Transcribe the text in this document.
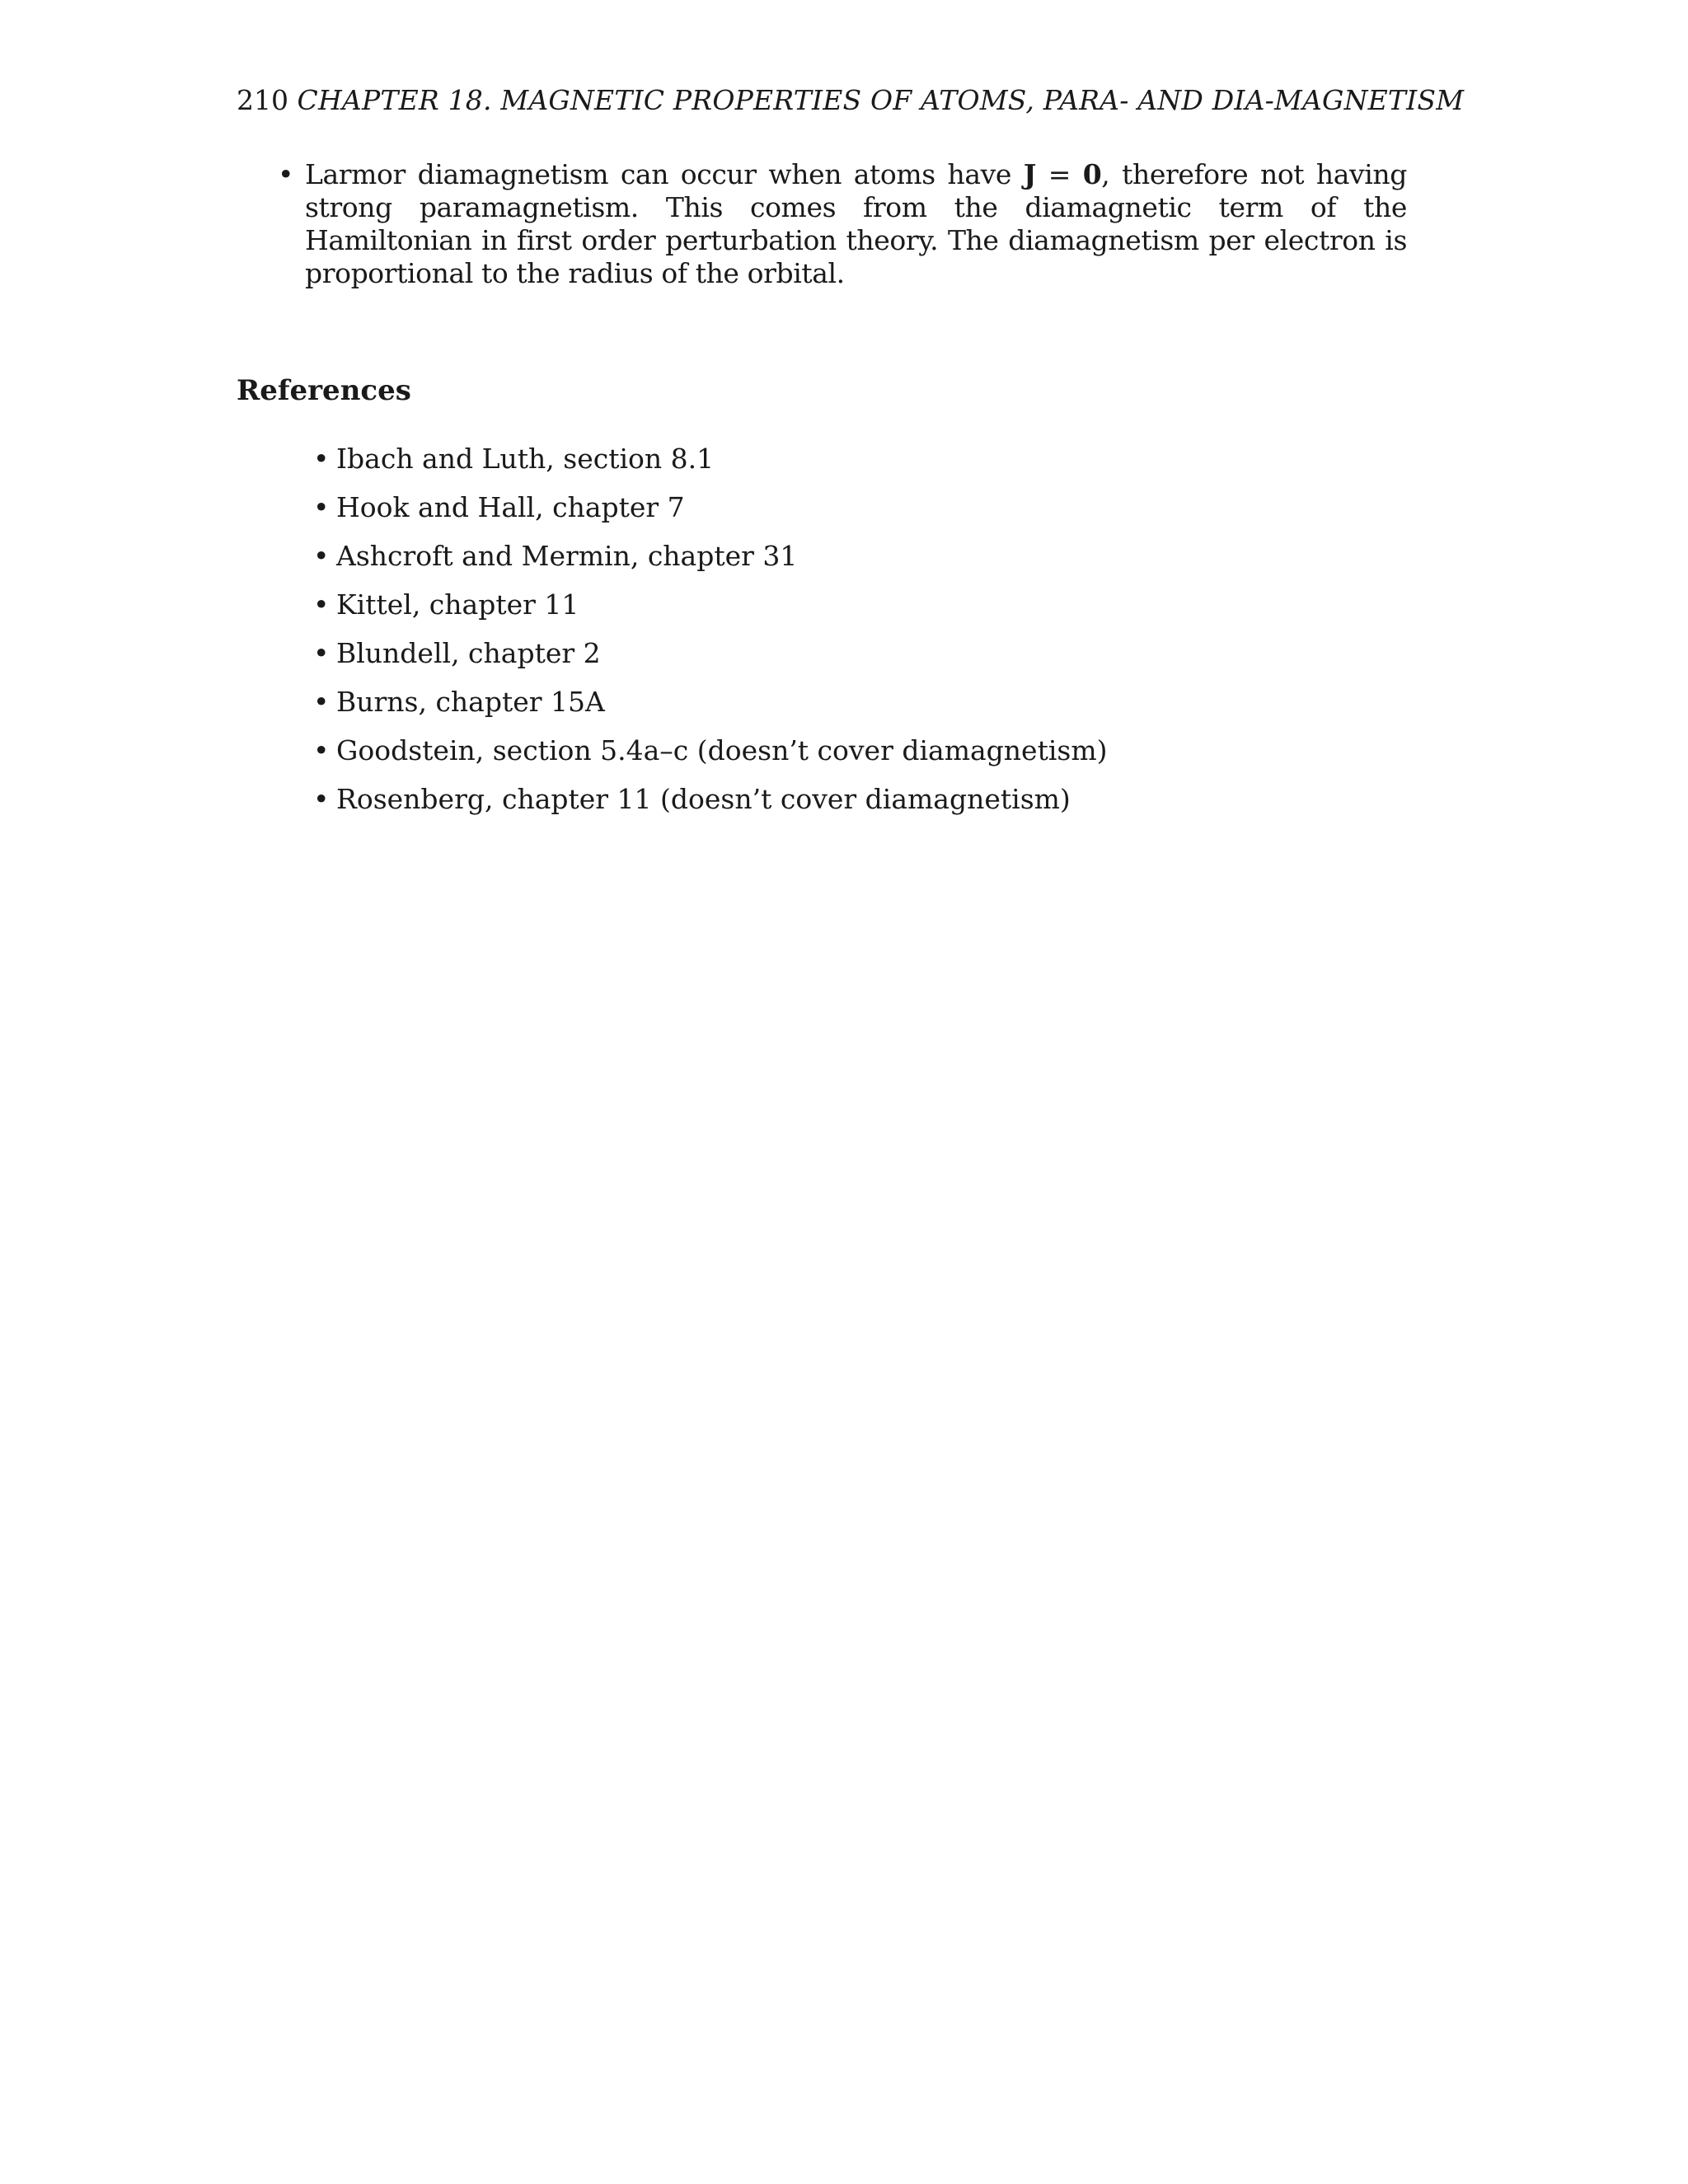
210 CHAPTER 18. MAGNETIC PROPERTIES OF ATOMS, PARA- AND DIA-MAGNETISM
• Larmor diamagnetism can occur when atoms have J = 0, therefore not having strong paramagnetism. This comes from the diamagnetic term of the Hamiltonian in first order perturbation theory. The diamagnetism per electron is proportional to the radius of the orbital.
References
• Ibach and Luth, section 8.1
• Hook and Hall, chapter 7
• Ashcroft and Mermin, chapter 31
• Kittel, chapter 11
• Blundell, chapter 2
• Burns, chapter 15A
• Goodstein, section 5.4a–c (doesn’t cover diamagnetism)
• Rosenberg, chapter 11 (doesn’t cover diamagnetism)
